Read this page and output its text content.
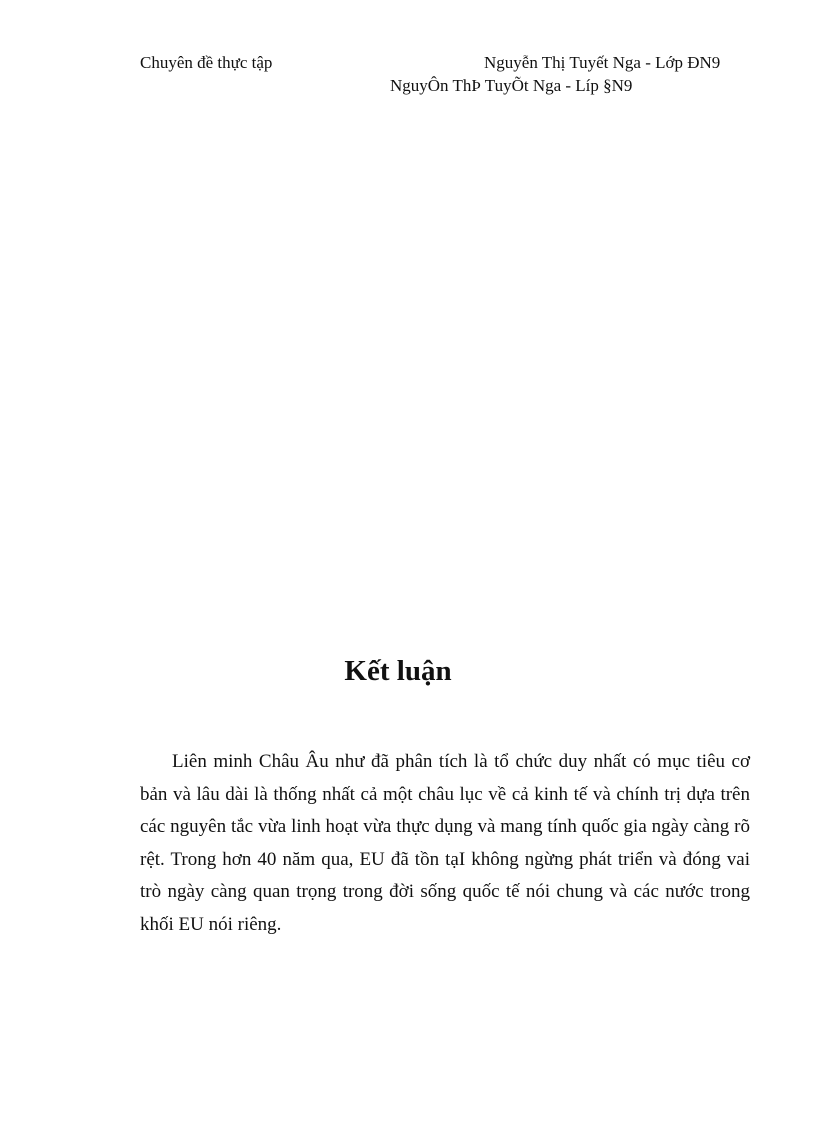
Chuyên đề thực tập	Nguyễn Thị Tuyết Nga - Lớp ĐN9
NguyÔn ThÞ TuyÕt Nga - Líp §N9
Kết luận

Liên minh Châu Âu như đã phân tích là tổ chức duy nhất có mục tiêu cơ bản và lâu dài là thống nhất cả một châu lục về cả kinh tế và chính trị dựa trên các nguyên tắc vừa linh hoạt vừa thực dụng và mang tính quốc gia ngày càng rõ rệt. Trong hơn 40 năm qua, EU đã tồn tạI không ngừng phát triển và đóng vai trò ngày càng quan trọng trong đời sống quốc tế nói chung và các nước trong khối EU nói riêng.
